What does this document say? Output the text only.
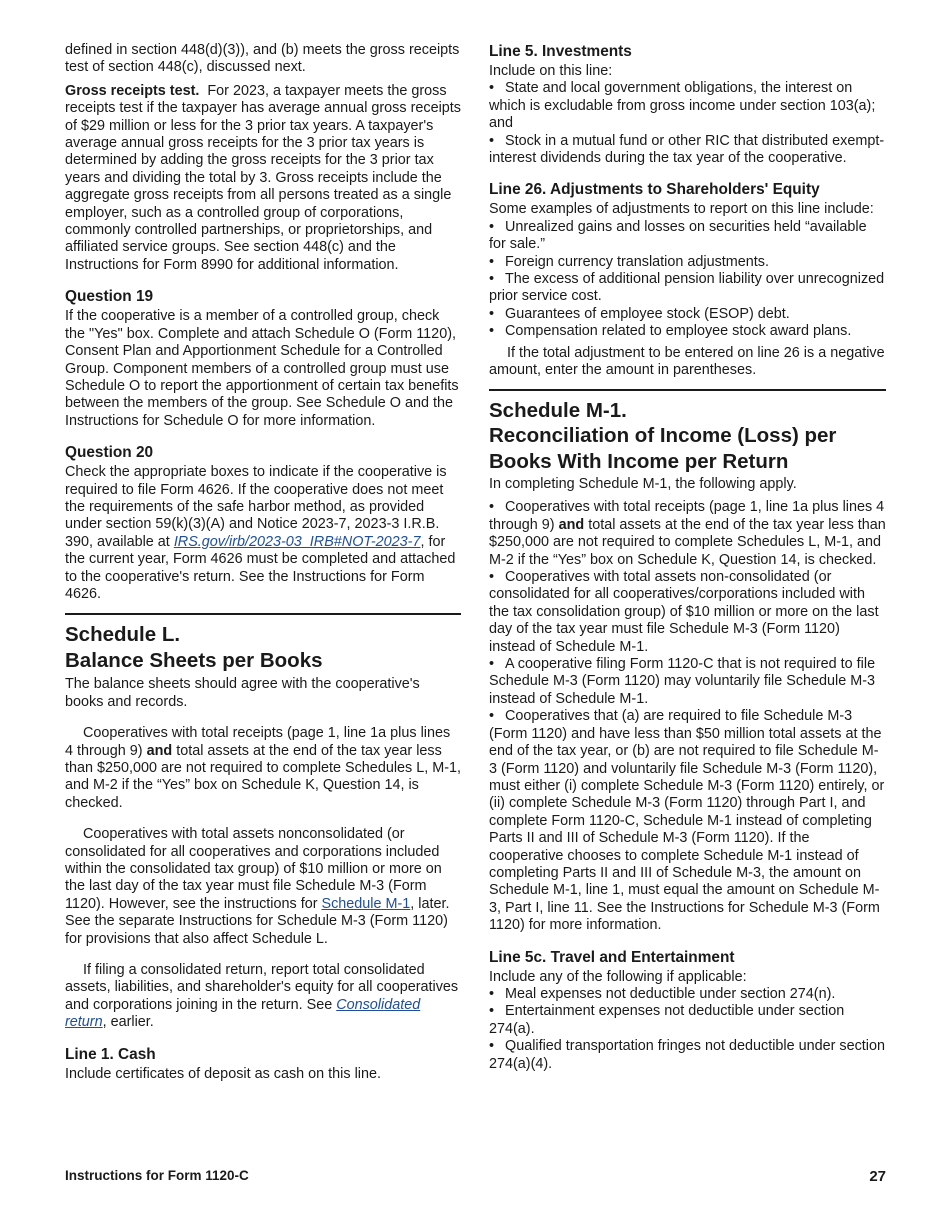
defined in section 448(d)(3)), and (b) meets the gross receipts test of section 448(c), discussed next.

Gross receipts test. For 2023, a taxpayer meets the gross receipts test if the taxpayer has average annual gross receipts of $29 million or less for the 3 prior tax years. A taxpayer's average annual gross receipts for the 3 prior tax years is determined by adding the gross receipts for the 3 prior tax years and dividing the total by 3. Gross receipts include the aggregate gross receipts from all persons treated as a single employer, such as a controlled group of corporations, commonly controlled partnerships, or proprietorships, and affiliated service groups. See section 448(c) and the Instructions for Form 8990 for additional information.

Question 19

If the cooperative is a member of a controlled group, check the "Yes" box. Complete and attach Schedule O (Form 1120), Consent Plan and Apportionment Schedule for a Controlled Group. Component members of a controlled group must use Schedule O to report the apportionment of certain tax benefits between the members of the group. See Schedule O and the Instructions for Schedule O for more information.

Question 20

Check the appropriate boxes to indicate if the cooperative is required to file Form 4626. If the cooperative does not meet the requirements of the safe harbor method, as provided under section 59(k)(3)(A) and Notice 2023-7, 2023-3 I.R.B. 390, available at IRS.gov/irb/2023-03_IRB#NOT-2023-7, for the current year, Form 4626 must be completed and attached to the cooperative's return. See the Instructions for Form 4626.

Schedule L.
Balance Sheets per Books

The balance sheets should agree with the cooperative's books and records.

Cooperatives with total receipts (page 1, line 1a plus lines 4 through 9) and total assets at the end of the tax year less than $250,000 are not required to complete Schedules L, M-1, and M-2 if the “Yes” box on Schedule K, Question 14, is checked.

Cooperatives with total assets nonconsolidated (or consolidated for all cooperatives and corporations included within the consolidated tax group) of $10 million or more on the last day of the tax year must file Schedule M-3 (Form 1120). However, see the instructions for Schedule M-1, later. See the separate Instructions for Schedule M-3 (Form 1120) for provisions that also affect Schedule L.

If filing a consolidated return, report total consolidated assets, liabilities, and shareholder's equity for all cooperatives and corporations joining in the return. See Consolidated return, earlier.

Line 1. Cash

Include certificates of deposit as cash on this line.

Line 5. Investments

Include on this line:

• State and local government obligations, the interest on which is excludable from gross income under section 103(a); and

• Stock in a mutual fund or other RIC that distributed exempt-interest dividends during the tax year of the cooperative.

Line 26. Adjustments to Shareholders' Equity

Some examples of adjustments to report on this line include:

• Unrealized gains and losses on securities held “available for sale.”

• Foreign currency translation adjustments.

• The excess of additional pension liability over unrecognized prior service cost.

• Guarantees of employee stock (ESOP) debt.

• Compensation related to employee stock award plans.

If the total adjustment to be entered on line 26 is a negative amount, enter the amount in parentheses.

Schedule M-1.
Reconciliation of Income (Loss) per Books With Income per Return

In completing Schedule M-1, the following apply.

• Cooperatives with total receipts (page 1, line 1a plus lines 4 through 9) and total assets at the end of the tax year less than $250,000 are not required to complete Schedules L, M-1, and M-2 if the “Yes” box on Schedule K, Question 14, is checked.

• Cooperatives with total assets non-consolidated (or consolidated for all cooperatives/corporations included with the tax consolidation group) of $10 million or more on the last day of the tax year must file Schedule M-3 (Form 1120) instead of Schedule M-1.

• A cooperative filing Form 1120-C that is not required to file Schedule M-3 (Form 1120) may voluntarily file Schedule M-3 instead of Schedule M-1.

• Cooperatives that (a) are required to file Schedule M-3 (Form 1120) and have less than $50 million total assets at the end of the tax year, or (b) are not required to file Schedule M-3 (Form 1120) and voluntarily file Schedule M-3 (Form 1120), must either (i) complete Schedule M-3 (Form 1120) entirely, or (ii) complete Schedule M-3 (Form 1120) through Part I, and complete Form 1120-C, Schedule M-1 instead of completing Parts II and III of Schedule M-3 (Form 1120). If the cooperative chooses to complete Schedule M-1 instead of completing Parts II and III of Schedule M-3, the amount on Schedule M-1, line 1, must equal the amount on Schedule M-3, Part I, line 11. See the Instructions for Schedule M-3 (Form 1120) for more information.

Line 5c. Travel and Entertainment

Include any of the following if applicable:

• Meal expenses not deductible under section 274(n).

• Entertainment expenses not deductible under section 274(a).

• Qualified transportation fringes not deductible under section 274(a)(4).

Instructions for Form 1120-C	27
